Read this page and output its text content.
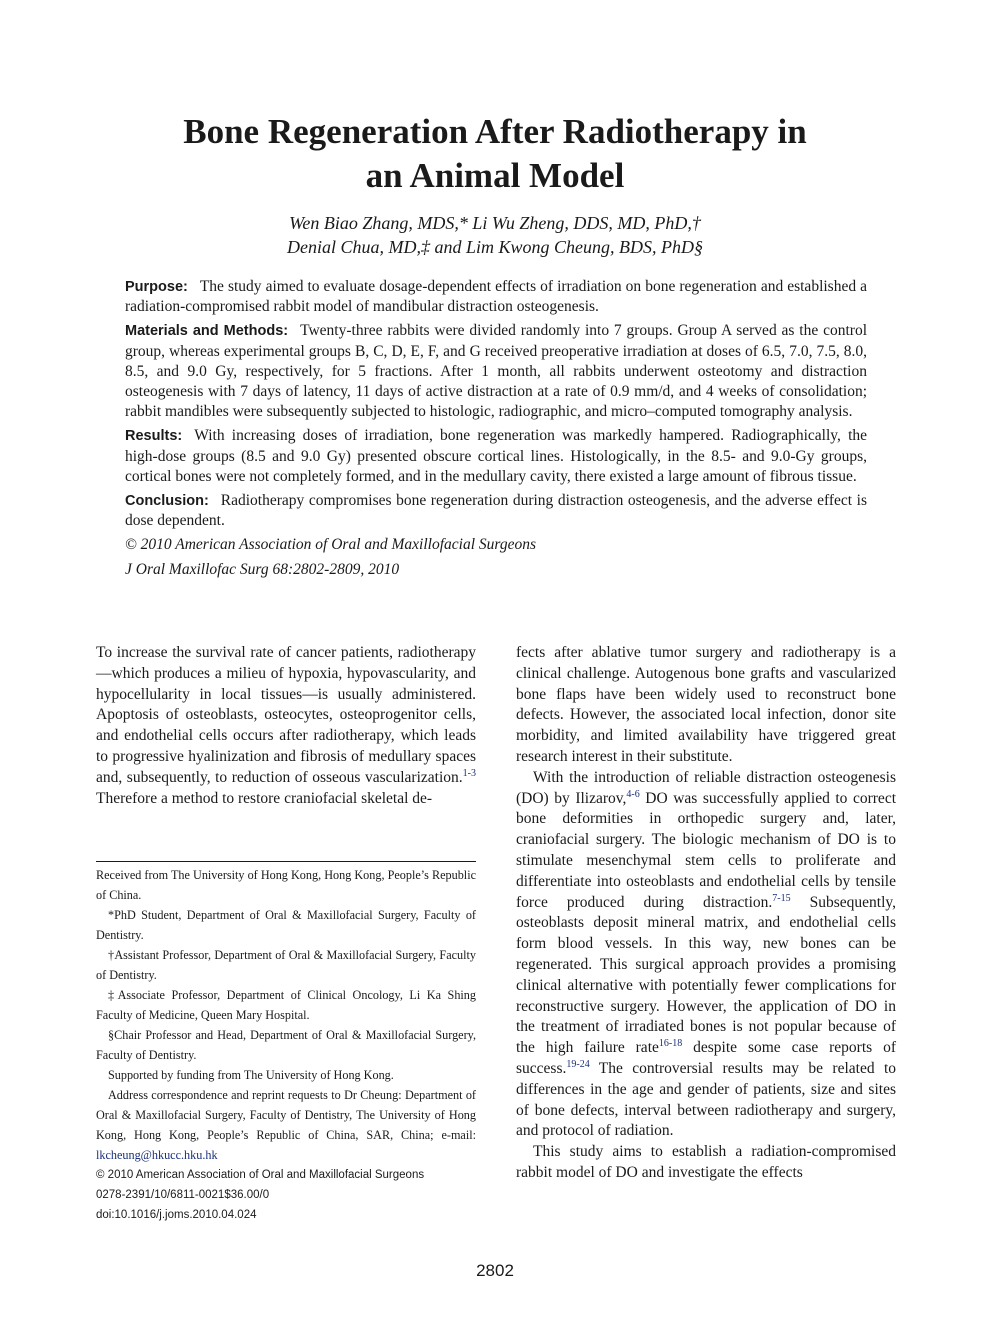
Bone Regeneration After Radiotherapy in
an Animal Model
Wen Biao Zhang, MDS,* Li Wu Zheng, DDS, MD, PhD,†
Denial Chua, MD,‡ and Lim Kwong Cheung, BDS, PhD§

Purpose: The study aimed to evaluate dosage-dependent effects of irradiation on bone regeneration and established a radiation-compromised rabbit model of mandibular distraction osteogenesis.

Materials and Methods: Twenty-three rabbits were divided randomly into 7 groups. Group A served as the control group, whereas experimental groups B, C, D, E, F, and G received preoperative irradiation at doses of 6.5, 7.0, 7.5, 8.0, 8.5, and 9.0 Gy, respectively, for 5 fractions. After 1 month, all rabbits underwent osteotomy and distraction osteogenesis with 7 days of latency, 11 days of active distraction at a rate of 0.9 mm/d, and 4 weeks of consolidation; rabbit mandibles were subsequently subjected to histologic, radiographic, and micro–computed tomography analysis.

Results: With increasing doses of irradiation, bone regeneration was markedly hampered. Radiographically, the high-dose groups (8.5 and 9.0 Gy) presented obscure cortical lines. Histologically, in the 8.5- and 9.0-Gy groups, cortical bones were not completely formed, and in the medullary cavity, there existed a large amount of fibrous tissue.

Conclusion: Radiotherapy compromises bone regeneration during distraction osteogenesis, and the adverse effect is dose dependent.

© 2010 American Association of Oral and Maxillofacial Surgeons

J Oral Maxillofac Surg 68:2802-2809, 2010

To increase the survival rate of cancer patients, radiotherapy—which produces a milieu of hypoxia, hypovascularity, and hypocellularity in local tissues—is usually administered. Apoptosis of osteoblasts, osteocytes, osteoprogenitor cells, and endothelial cells occurs after radiotherapy, which leads to progressive hyalinization and fibrosis of medullary spaces and, subsequently, to reduction of osseous vascularization.$^{1-3}$ Therefore a method to restore craniofacial skeletal de-

Received from The University of Hong Kong, Hong Kong, People’s Republic of China.

*PhD Student, Department of Oral & Maxillofacial Surgery, Faculty of Dentistry.

†Assistant Professor, Department of Oral & Maxillofacial Surgery, Faculty of Dentistry.

‡Associate Professor, Department of Clinical Oncology, Li Ka Shing Faculty of Medicine, Queen Mary Hospital.

§Chair Professor and Head, Department of Oral & Maxillofacial Surgery, Faculty of Dentistry.

Supported by funding from The University of Hong Kong.

Address correspondence and reprint requests to Dr Cheung: Department of Oral & Maxillofacial Surgery, Faculty of Dentistry, The University of Hong Kong, Hong Kong, People’s Republic of China, SAR, China; e-mail: lkcheung@hkucc.hku.hk

© 2010 American Association of Oral and Maxillofacial Surgeons

0278-2391/10/6811-0021$36.00/0

doi:10.1016/j.joms.2010.04.024

fects after ablative tumor surgery and radiotherapy is a clinical challenge. Autogenous bone grafts and vascularized bone flaps have been widely used to reconstruct bone defects. However, the associated local infection, donor site morbidity, and limited availability have triggered great research interest in their substitute.

With the introduction of reliable distraction osteogenesis (DO) by Ilizarov,$^{4-6}$ DO was successfully applied to correct bone deformities in orthopedic surgery and, later, craniofacial surgery. The biologic mechanism of DO is to stimulate mesenchymal stem cells to proliferate and differentiate into osteoblasts and endothelial cells by tensile force produced during distraction.$^{7-15}$ Subsequently, osteoblasts deposit mineral matrix, and endothelial cells form blood vessels. In this way, new bones can be regenerated. This surgical approach provides a promising clinical alternative with potentially fewer complications for reconstructive surgery. However, the application of DO in the treatment of irradiated bones is not popular because of the high failure rate$^{16-18}$ despite some case reports of success.$^{19-24}$ The controversial results may be related to differences in the age and gender of patients, size and sites of bone defects, interval between radiotherapy and surgery, and protocol of radiation.

This study aims to establish a radiation-compromised rabbit model of DO and investigate the effects

2802
